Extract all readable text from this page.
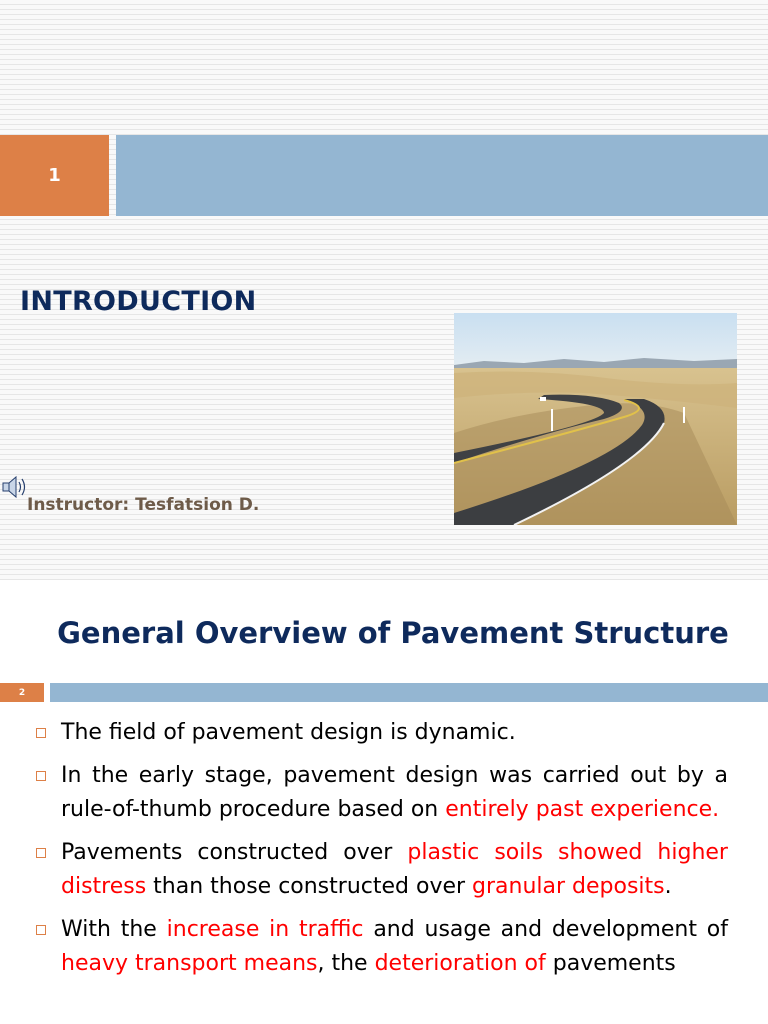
1
INTRODUCTION
Instructor: Tesfatsion D.
General Overview of Pavement Structure
2
The field of pavement design is dynamic.
In the early stage, pavement design was carried out by a rule-of-thumb procedure based on entirely past experience.
Pavements constructed over plastic soils showed higher distress than those constructed over granular deposits.
With the increase in traffic and usage and development of heavy transport means, the deterioration of pavements
